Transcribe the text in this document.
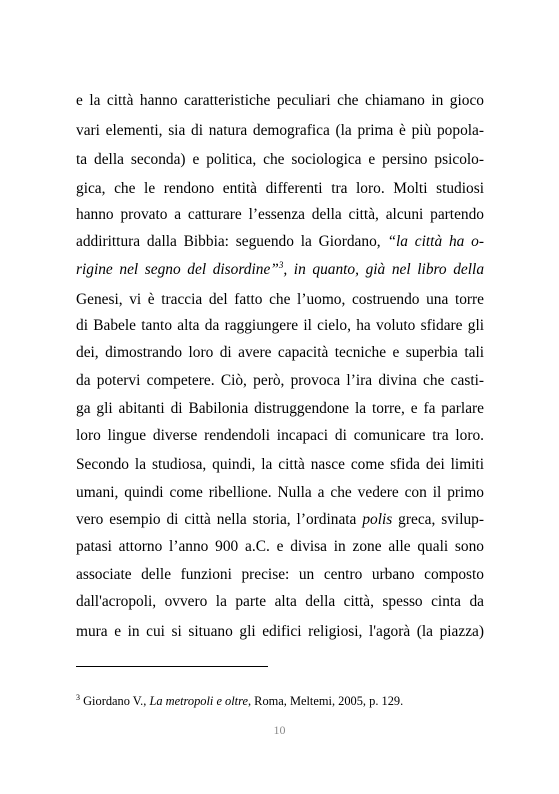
e la città hanno caratteristiche peculiari che chiamano in gioco
vari elementi, sia di natura demografica (la prima è più popola-
ta della seconda) e politica, che sociologica e persino psicolo-
gica, che le rendono entità differenti tra loro. Molti studiosi
hanno provato a catturare l’essenza della città, alcuni partendo
addirittura dalla Bibbia: seguendo la Giordano, “la città ha o-
rigine nel segno del disordine”$^3$, in quanto, già nel libro della
Genesi, vi è traccia del fatto che l’uomo, costruendo una torre
di Babele tanto alta da raggiungere il cielo, ha voluto sfidare gli
dei, dimostrando loro di avere capacità tecniche e superbia tali
da potervi competere. Ciò, però, provoca l’ira divina che casti-
ga gli abitanti di Babilonia distruggendone la torre, e fa parlare
loro lingue diverse rendendoli incapaci di comunicare tra loro.
Secondo la studiosa, quindi, la città nasce come sfida dei limiti
umani, quindi come ribellione. Nulla a che vedere con il primo
vero esempio di città nella storia, l’ordinata polis greca, svilup-
patasi attorno l’anno 900 a.C. e divisa in zone alle quali sono
associate delle funzioni precise: un centro urbano composto
dall'acropoli, ovvero la parte alta della città, spesso cinta da
mura e in cui si situano gli edifici religiosi, l'agorà (la piazza)
$^3$ Giordano V., La metropoli e oltre, Roma, Meltemi, 2005, p. 129.
10
